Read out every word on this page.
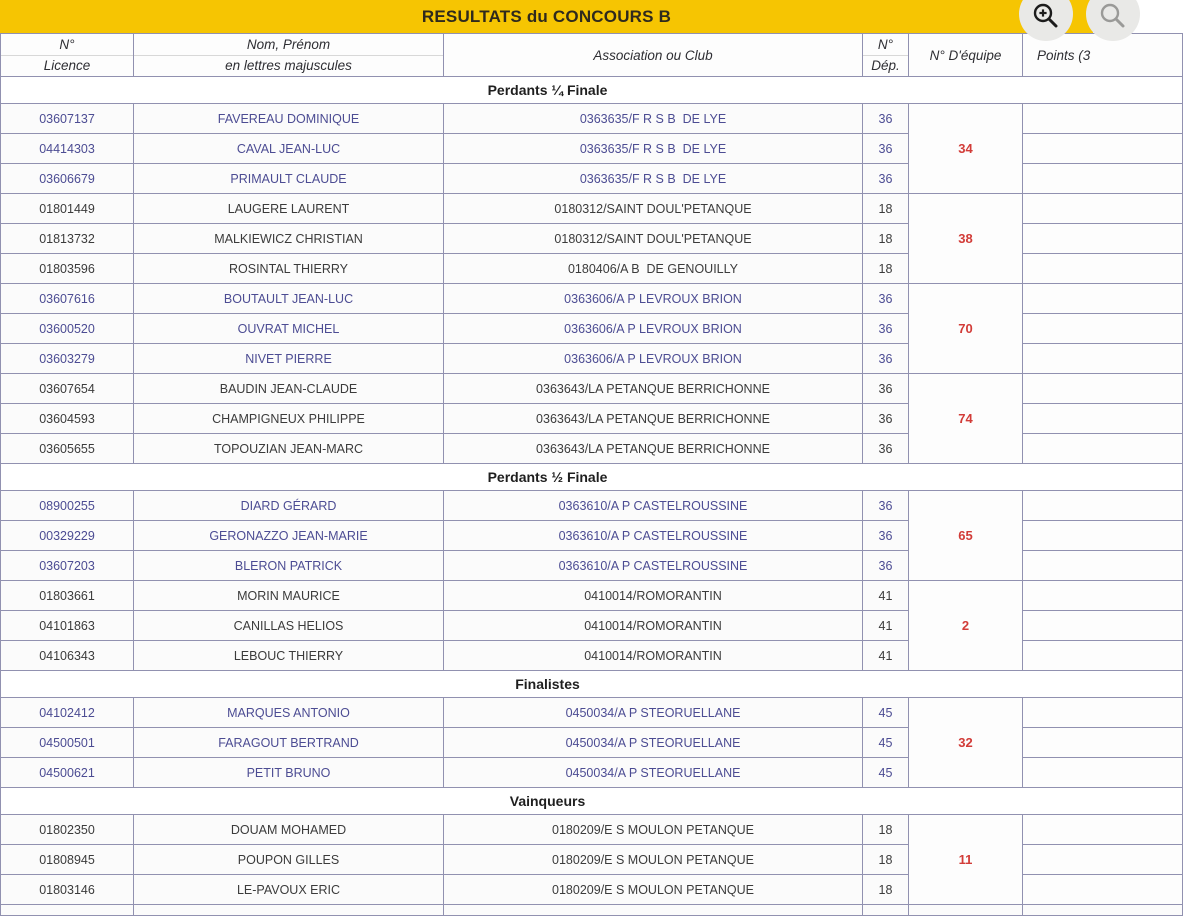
RESULTATS du CONCOURS B
N°
Licence

Nom, Prénom
en lettres majuscules

Association ou Club

N°
Dép.

N° D'équipe	Points (3

Perdants ¼ Finale					

03607137	FAVEREAU DOMINIQUE	0363635/F R S B  DE LYE	36	34	
04414303	CAVAL JEAN-LUC	0363635/F R S B  DE LYE	36		
03606679	PRIMAULT CLAUDE	0363635/F R S B  DE LYE	36		
01801449	LAUGERE LAURENT	0180312/SAINT DOUL'PETANQUE	18	38	
01813732	MALKIEWICZ CHRISTIAN	0180312/SAINT DOUL'PETANQUE	18		
01803596	ROSINTAL THIERRY	0180406/A B  DE GENOUILLY	18		
03607616	BOUTAULT JEAN-LUC	0363606/A P LEVROUX BRION	36	70	
03600520	OUVRAT MICHEL	0363606/A P LEVROUX BRION	36		
03603279	NIVET PIERRE	0363606/A P LEVROUX BRION	36		
03607654	BAUDIN JEAN-CLAUDE	0363643/LA PETANQUE BERRICHONNE	36	74	
03604593	CHAMPIGNEUX PHILIPPE	0363643/LA PETANQUE BERRICHONNE	36		
03605655	TOPOUZIAN JEAN-MARC	0363643/LA PETANQUE BERRICHONNE	36		

Perdants ½ Finale					

08900255	DIARD GÉRARD	0363610/A P CASTELROUSSINE	36	65	
00329229	GERONAZZO JEAN-MARIE	0363610/A P CASTELROUSSINE	36		
03607203	BLERON PATRICK	0363610/A P CASTELROUSSINE	36		
01803661	MORIN MAURICE	0410014/ROMORANTIN	41	2	
04101863	CANILLAS HELIOS	0410014/ROMORANTIN	41		
04106343	LEBOUC THIERRY	0410014/ROMORANTIN	41		

Finalistes					

04102412	MARQUES ANTONIO	0450034/A P STEORUELLANE	45	32	
04500501	FARAGOUT BERTRAND	0450034/A P STEORUELLANE	45		
04500621	PETIT BRUNO	0450034/A P STEORUELLANE	45		

Vainqueurs					

01802350	DOUAM MOHAMED	0180209/E S MOULON PETANQUE	18	11	
01808945	POUPON GILLES	0180209/E S MOULON PETANQUE	18		
01803146	LE-PAVOUX ERIC	0180209/E S MOULON PETANQUE	18		
